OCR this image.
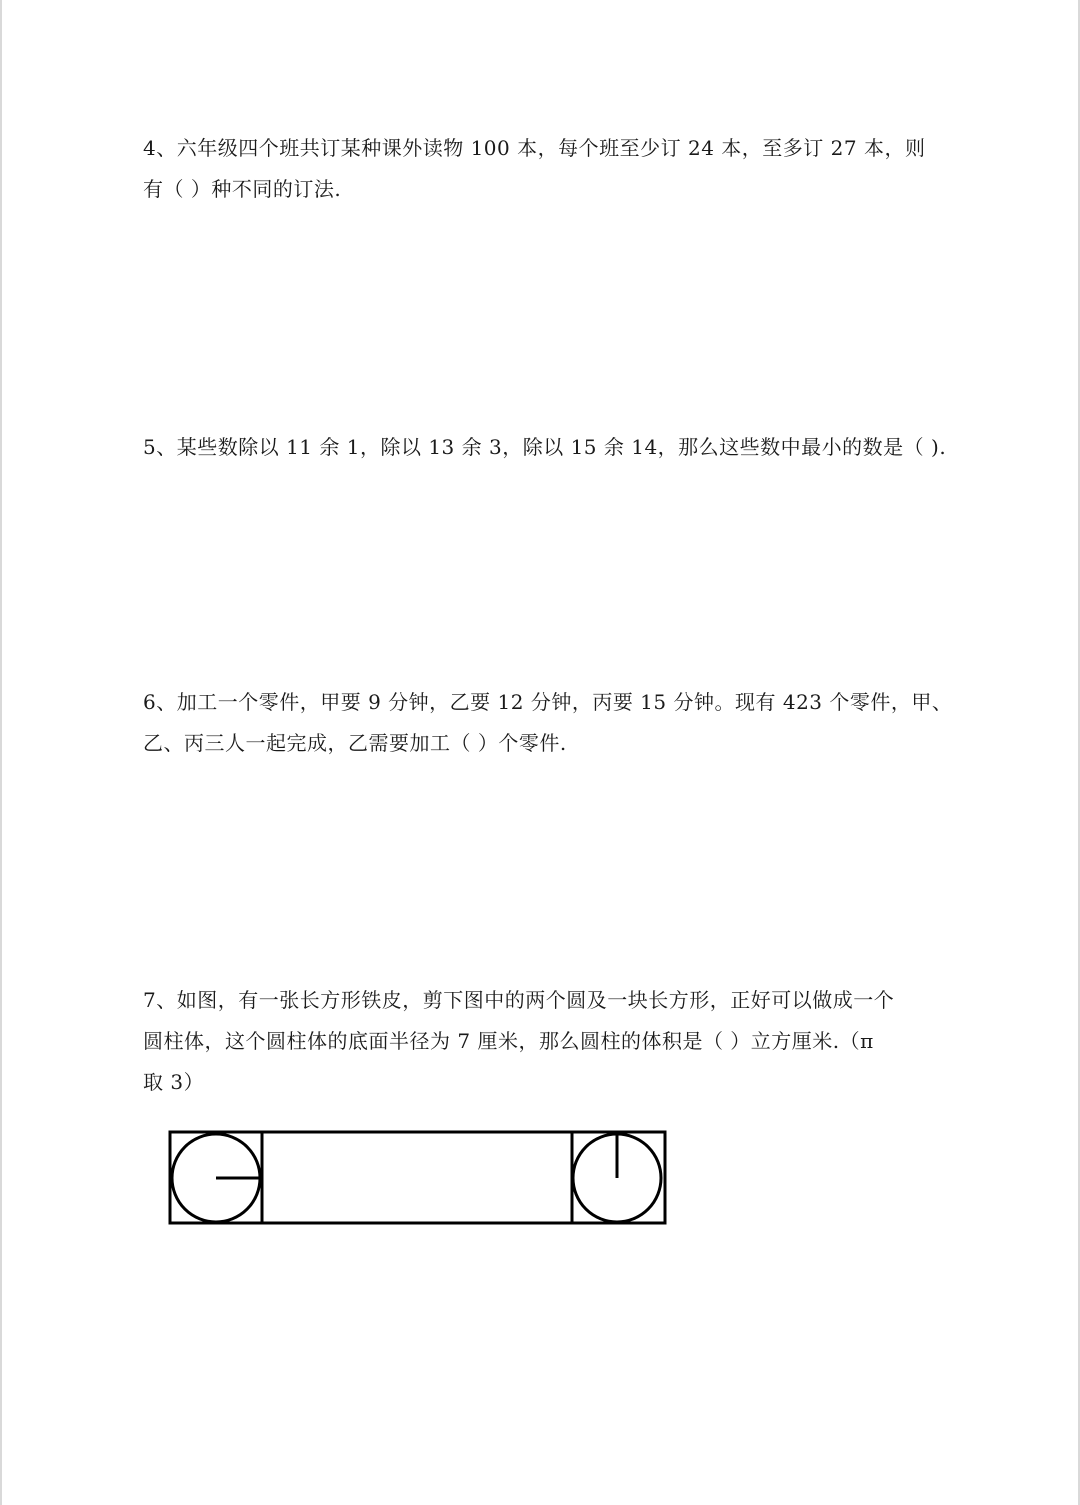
4、六年级四个班共订某种课外读物 100 本，每个班至少订 24 本，至多订 27 本，则
有（ ）种不同的订法.
5、某些数除以 11 余 1，除以 13 余 3，除以 15 余 14，那么这些数中最小的数是（ ).
6、加工一个零件，甲要 9 分钟，乙要 12 分钟，丙要 15 分钟。现有 423 个零件，甲、
乙、丙三人一起完成，乙需要加工（ ）个零件.
7、如图，有一张长方形铁皮，剪下图中的两个圆及一块长方形，正好可以做成一个
圆柱体，这个圆柱体的底面半径为 7 厘米，那么圆柱的体积是（ ）立方厘米.（π
取 3）
